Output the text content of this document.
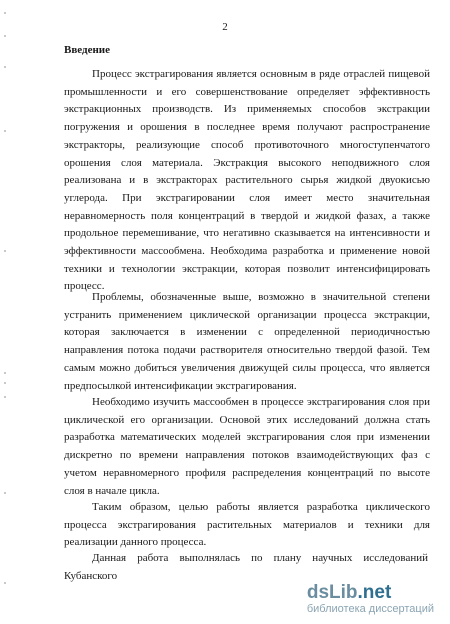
2
Введение

Процесс экстрагирования является основным в ряде отраслей пищевой промышленности и его совершенствование определяет эффективность экстракционных производств. Из применяемых способов экстракции погружения и орошения в последнее время получают распространение экстракторы, реализующие способ противоточного многоступенчатого орошения слоя материала. Экстракция высокого неподвижного слоя реализована и в экстракторах растительного сырья жидкой двуокисью углерода. При экстрагировании слоя имеет место значительная неравномерность поля концентраций в твердой и жидкой фазах, а также продольное перемешивание, что негативно сказывается на интенсивности и эффективности массообмена. Необходима разработка и применение новой техники и технологии экстракции, которая позволит интенсифицировать процесс.

Проблемы, обозначенные выше, возможно в значительной степени устранить применением циклической организации процесса экстракции, которая заключается в изменении с определенной периодичностью направления потока подачи растворителя относительно твердой фазой. Тем самым можно добиться увеличения движущей силы процесса, что является предпосылкой интенсификации экстрагирования.

Необходимо изучить массообмен в процессе экстрагирования слоя при циклической его организации. Основой этих исследований должна стать разработка математических моделей экстрагирования слоя при изменении дискретно по времени направления потоков взаимодействующих фаз с учетом неравномерного профиля распределения концентраций по высоте слоя в начале цикла.

Таким образом, целью работы является разработка циклического процесса экстрагирования растительных материалов и техники для реализации данного процесса.

Данная работа выполнялась по плану научных исследований Кубанского

dsLib.net
библиотека диссертаций
